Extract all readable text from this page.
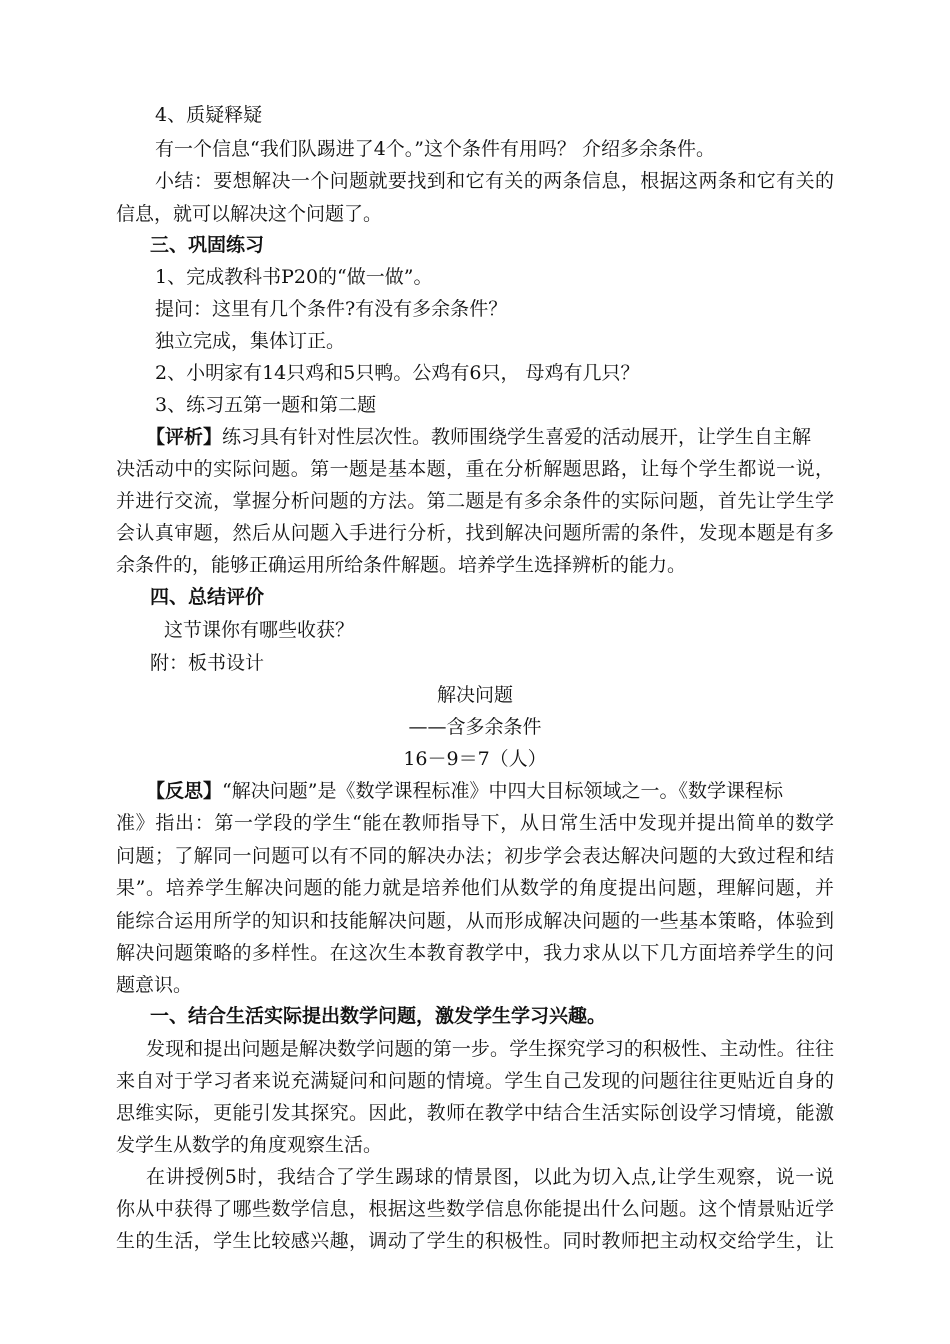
4、质疑释疑
有一个信息“我们队踢进了4个。”这个条件有用吗？ 介绍多余条件。
小结：要想解决一个问题就要找到和它有关的两条信息，根据这两条和它有关的
信息，就可以解决这个问题了。
三、巩固练习
1、完成教科书P20的“做一做”。
提问：这里有几个条件?有没有多余条件？
独立完成，集体订正。
2、小明家有14只鸡和5只鸭。公鸡有6只， 母鸡有几只？
3、练习五第一题和第二题
【评析】练习具有针对性层次性。教师围绕学生喜爱的活动展开，让学生自主解
决活动中的实际问题。第一题是基本题，重在分析解题思路，让每个学生都说一说，
并进行交流，掌握分析问题的方法。第二题是有多余条件的实际问题，首先让学生学
会认真审题，然后从问题入手进行分析，找到解决问题所需的条件，发现本题是有多
余条件的，能够正确运用所给条件解题。培养学生选择辨析的能力。
四、总结评价
这节课你有哪些收获？
附：板书设计
解决问题
——含多余条件
16－9＝7（人）
【反思】“解决问题”是《数学课程标准》中四大目标领域之一。《数学课程标
准》指出：第一学段的学生“能在教师指导下，从日常生活中发现并提出简单的数学
问题；了解同一问题可以有不同的解决办法；初步学会表达解决问题的大致过程和结
果”。培养学生解决问题的能力就是培养他们从数学的角度提出问题，理解问题，并
能综合运用所学的知识和技能解决问题，从而形成解决问题的一些基本策略，体验到
解决问题策略的多样性。在这次生本教育教学中，我力求从以下几方面培养学生的问
题意识。
一、结合生活实际提出数学问题，激发学生学习兴趣。
发现和提出问题是解决数学问题的第一步。学生探究学习的积极性、主动性。往往
来自对于学习者来说充满疑问和问题的情境。学生自己发现的问题往往更贴近自身的
思维实际，更能引发其探究。因此，教师在教学中结合生活实际创设学习情境，能激
发学生从数学的角度观察生活。
在讲授例5时，我结合了学生踢球的情景图，以此为切入点,让学生观察，说一说
你从中获得了哪些数学信息，根据这些数学信息你能提出什么问题。这个情景贴近学
生的生活，学生比较感兴趣，调动了学生的积极性。同时教师把主动权交给学生，让
